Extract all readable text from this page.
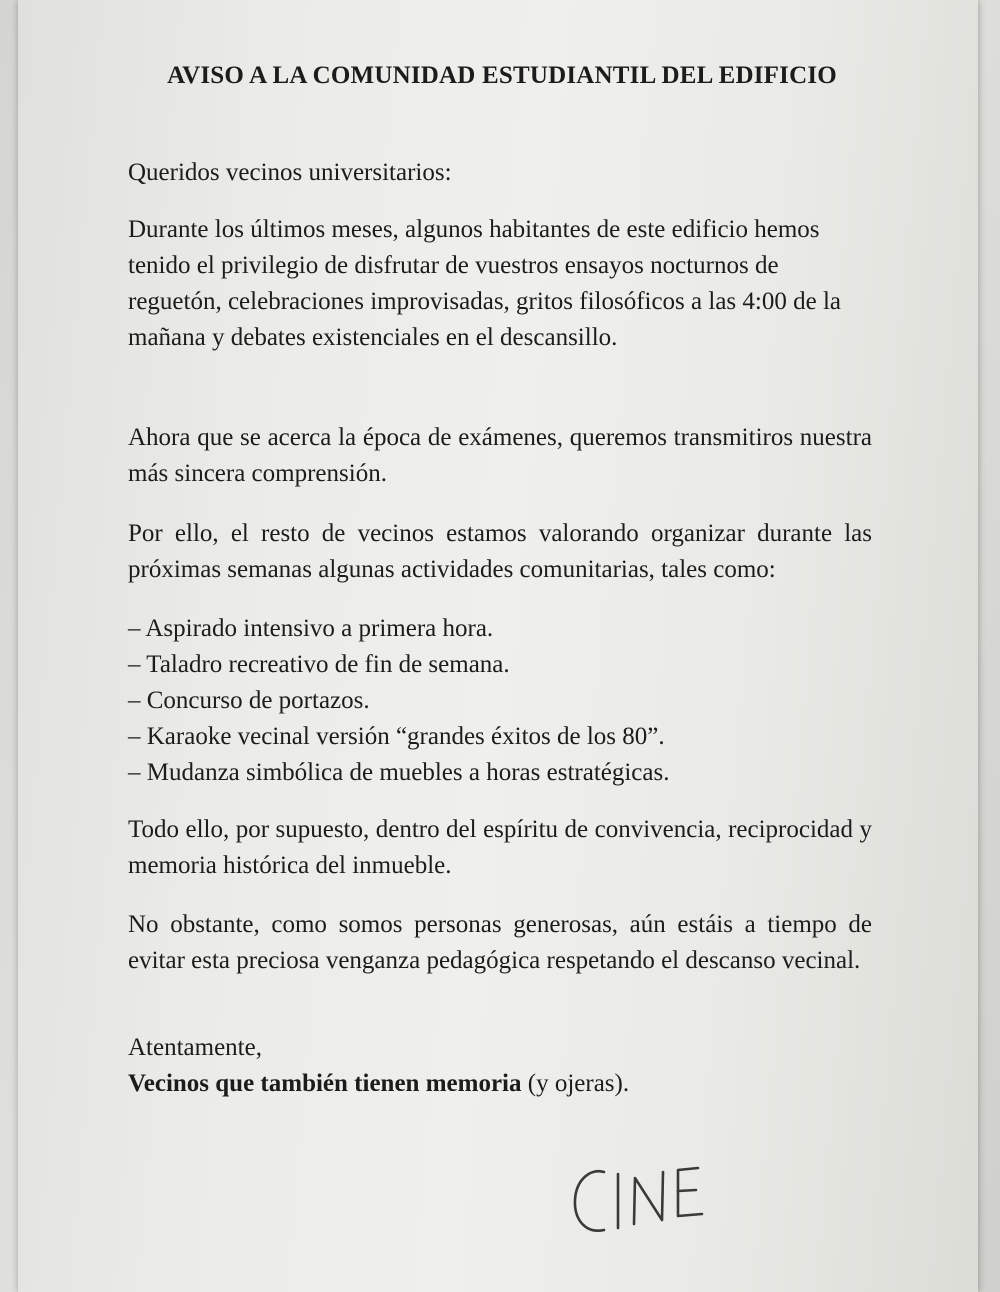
AVISO A LA COMUNIDAD ESTUDIANTIL DEL EDIFICIO

Queridos vecinos universitarios:

Durante los últimos meses, algunos habitantes de este edificio hemos tenido el privilegio de disfrutar de vuestros ensayos nocturnos de reguetón, celebraciones improvisadas, gritos filosóficos a las 4:00 de la mañana y debates existenciales en el descansillo.

Ahora que se acerca la época de exámenes, queremos transmitiros nuestra más sincera comprensión.

Por ello, el resto de vecinos estamos valorando organizar durante las próximas semanas algunas actividades comunitarias, tales como:

– Aspirado intensivo a primera hora.
– Taladro recreativo de fin de semana.
– Concurso de portazos.
– Karaoke vecinal versión “grandes éxitos de los 80”.
– Mudanza simbólica de muebles a horas estratégicas.

Todo ello, por supuesto, dentro del espíritu de convivencia, reciprocidad y memoria histórica del inmueble.

No obstante, como somos personas generosas, aún estáis a tiempo de evitar esta preciosa venganza pedagógica respetando el descanso vecinal.

Atentamente,
Vecinos que también tienen memoria (y ojeras).
